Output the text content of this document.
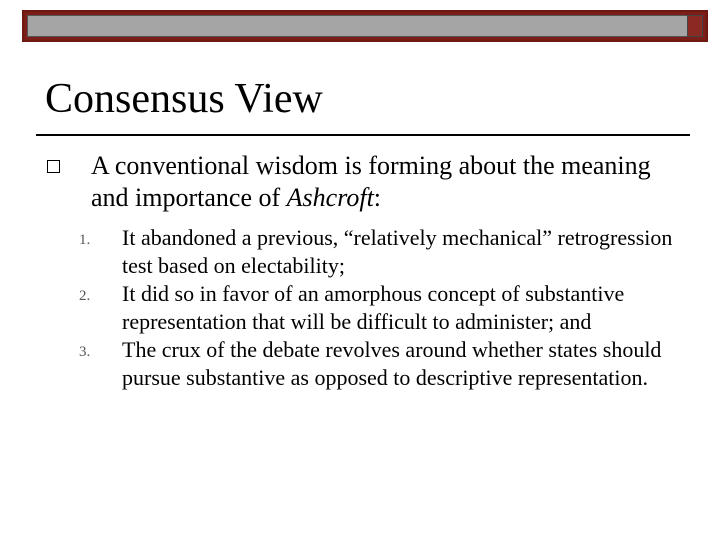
Consensus View
A conventional wisdom is forming about the meaning and importance of Ashcroft:
1. It abandoned a previous, “relatively mechanical” retrogression test based on electability;
2. It did so in favor of an amorphous concept of substantive representation that will be difficult to administer; and
3. The crux of the debate revolves around whether states should pursue substantive as opposed to descriptive representation.
